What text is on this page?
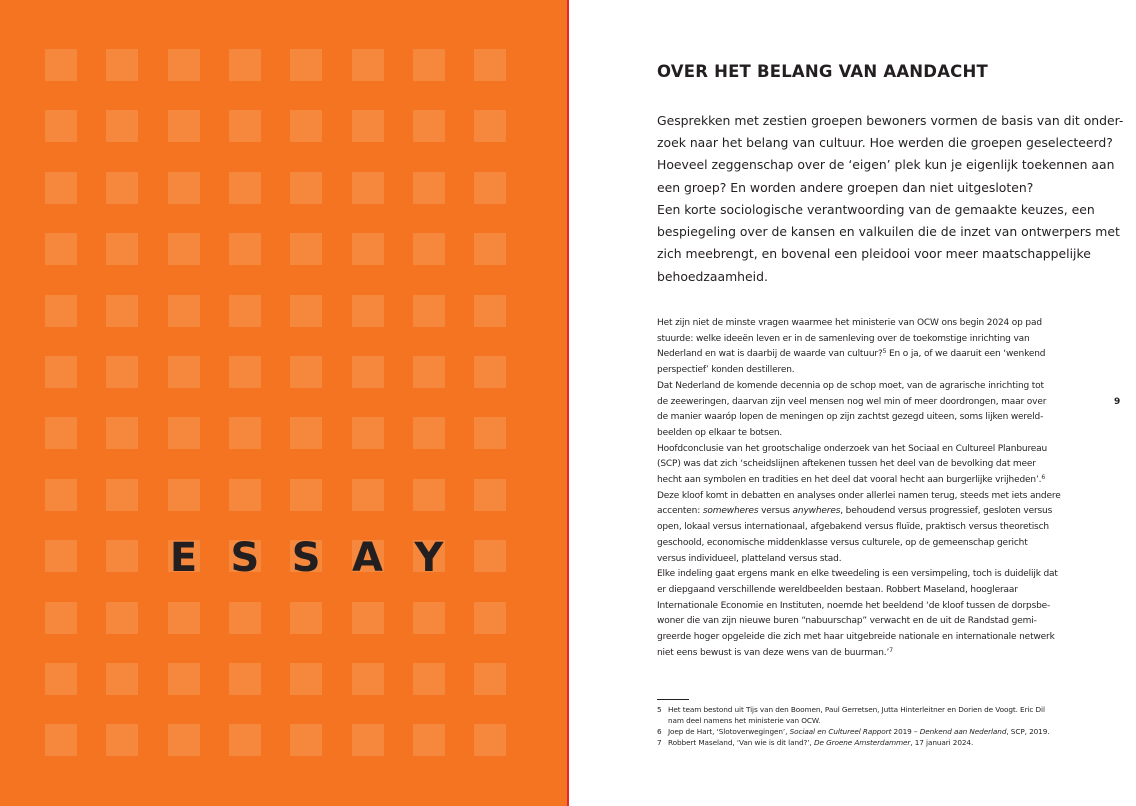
E S S A Y
OVER HET BELANG VAN AANDACHT

Gesprekken met zestien groepen bewoners vormen de basis van dit onder-
zoek naar het belang van cultuur. Hoe werden die groepen geselecteerd?
Hoeveel zeggenschap over de ‘eigen’ plek kun je eigenlijk toekennen aan
een groep? En worden andere groepen dan niet uitgesloten?

Een korte sociologische verantwoording van de gemaakte keuzes, een
bespiegeling over de kansen en valkuilen die de inzet van ontwerpers met
zich meebrengt, en bovenal een pleidooi voor meer maatschappelijke
behoedzaamheid.

Het zijn niet de minste vragen waarmee het ministerie van OCW ons begin 2024 op pad
stuurde: welke ideeën leven er in de samenleving over de toekomstige inrichting van
Nederland en wat is daarbij de waarde van cultuur?$^5$ En o ja, of we daaruit een ‘wenkend
perspectief’ konden destilleren.
Dat Nederland de komende decennia op de schop moet, van de agrarische inrichting tot
de zeeweringen, daarvan zijn veel mensen nog wel min of meer doordrongen, maar over
de manier waaróp lopen de meningen op zijn zachtst gezegd uiteen, soms lijken wereld-
beelden op elkaar te botsen.
Hoofdconclusie van het grootschalige onderzoek van het Sociaal en Cultureel Planbureau
(SCP) was dat zich ‘scheidslijnen aftekenen tussen het deel van de bevolking dat meer
hecht aan symbolen en tradities en het deel dat vooral hecht aan burgerlijke vrijheden’.$^6$
Deze kloof komt in debatten en analyses onder allerlei namen terug, steeds met iets andere
accenten: somewheres versus anywheres, behoudend versus progressief, gesloten versus
open, lokaal versus internationaal, afgebakend versus fluïde, praktisch versus theoretisch
geschoold, economische middenklasse versus culturele, op de gemeenschap gericht
versus individueel, platteland versus stad.
Elke indeling gaat ergens mank en elke tweedeling is een versimpeling, toch is duidelijk dat
er diepgaand verschillende wereldbeelden bestaan. Robbert Maseland, hoogleraar
Internationale Economie en Instituten, noemde het beeldend ‘de kloof tussen de dorpsbe-
woner die van zijn nieuwe buren “nabuurschap” verwacht en de uit de Randstad gemi-
greerde hoger opgeleide die zich met haar uitgebreide nationale en internationale netwerk
niet eens bewust is van deze wens van de buurman.’$^7$
5 Het team bestond uit Tijs van den Boomen, Paul Gerretsen, Jutta Hinterleitner en Dorien de Voogt. Eric Dil
nam deel namens het ministerie van OCW.
6 Joep de Hart, ‘Slotoverwegingen’, Sociaal en Cultureel Rapport 2019 – Denkend aan Nederland, SCP, 2019.
7 Robbert Maseland, ‘Van wie is dit land?’, De Groene Amsterdammer, 17 januari 2024.
9
